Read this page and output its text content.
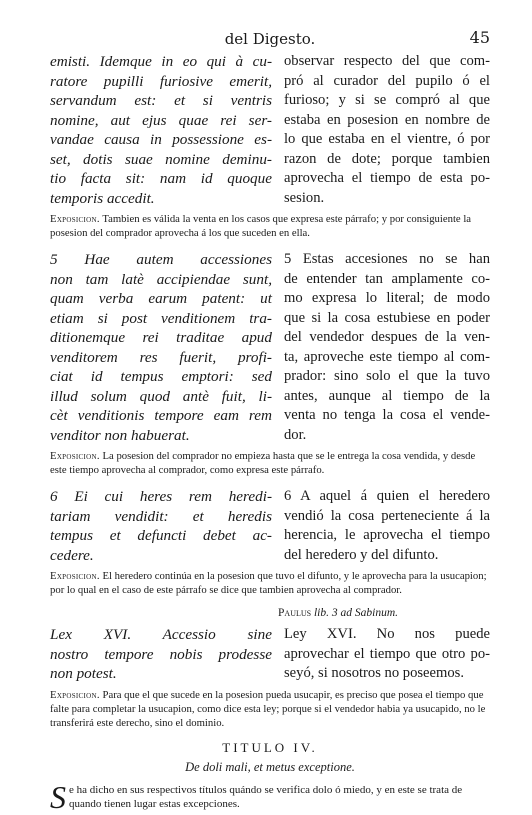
del Digesto.	45
emisti. Idemque in eo qui à cu-
ratore pupilli furiosive emerit,
servandum est: et si ventris
nomine, aut ejus quae rei ser-
vandae causa in possessione es-
set, dotis suae nomine deminu-
tio facta sit: nam id quoque
temporis accedit.
observar respecto del que com-
pró al curador del pupilo ó el
furioso; y si se compró al que
estaba en posesion en nombre de
lo que estaba en el vientre, ó por
razon de dote; porque tambien
aprovecha el tiempo de esta po-
sesion.

Exposicion. Tambien es válida la venta en los casos que expresa este párrafo; y por consiguiente la posesion del comprador aprovecha á los que suceden en ella.

5 Hae autem accessiones
non tam latè accipiendae sunt,
quam verba earum patent: ut
etiam si post venditionem tra-
ditionemque rei traditae apud
venditorem res fuerit, profi-
ciat id tempus emptori: sed
illud solum quod antè fuit, li-
cèt venditionis tempore eam rem
venditor non habuerat.
5 Estas accesiones no se han
de entender tan amplamente co-
mo expresa lo literal; de modo
que si la cosa estubiese en poder
del vendedor despues de la ven-
ta, aproveche este tiempo al com-
prador: sino solo el que la tuvo
antes, aunque al tiempo de la
venta no tenga la cosa el vende-
dor.

Exposicion. La posesion del comprador no empieza hasta que se le entrega la cosa vendida, y desde este tiempo aprovecha al comprador, como expresa este párrafo.

6 Ei cui heres rem heredi-
tariam vendidit: et heredis
tempus et defuncti debet ac-
cedere.
6 A aquel á quien el heredero
vendió la cosa perteneciente á la
herencia, le aprovecha el tiempo
del heredero y del difunto.

Exposicion. El heredero continúa en la posesion que tuvo el difunto, y le aprovecha para la usucapion; por lo qual en el caso de este párrafo se dice que tambien aprovecha al comprador.

Paulus lib. 3 ad Sabinum.

Lex XVI. Accessio sine
nostro tempore nobis prodesse
non potest.
Ley XVI. No nos puede
aprovechar el tiempo que otro po-
seyó, si nosotros no poseemos.

Exposicion. Para que el que sucede en la posesion pueda usucapir, es preciso que posea el tiempo que falte para completar la usucapion, como dice esta ley; porque si el vendedor habia ya usucapido, no le transferirá este derecho, sino el dominio.

TITULO IV.
De doli mali, et metus exceptione.
S e ha dicho en sus respectivos títulos quándo se verifica dolo ó miedo, y en este se trata de quando tienen lugar estas excepciones.
